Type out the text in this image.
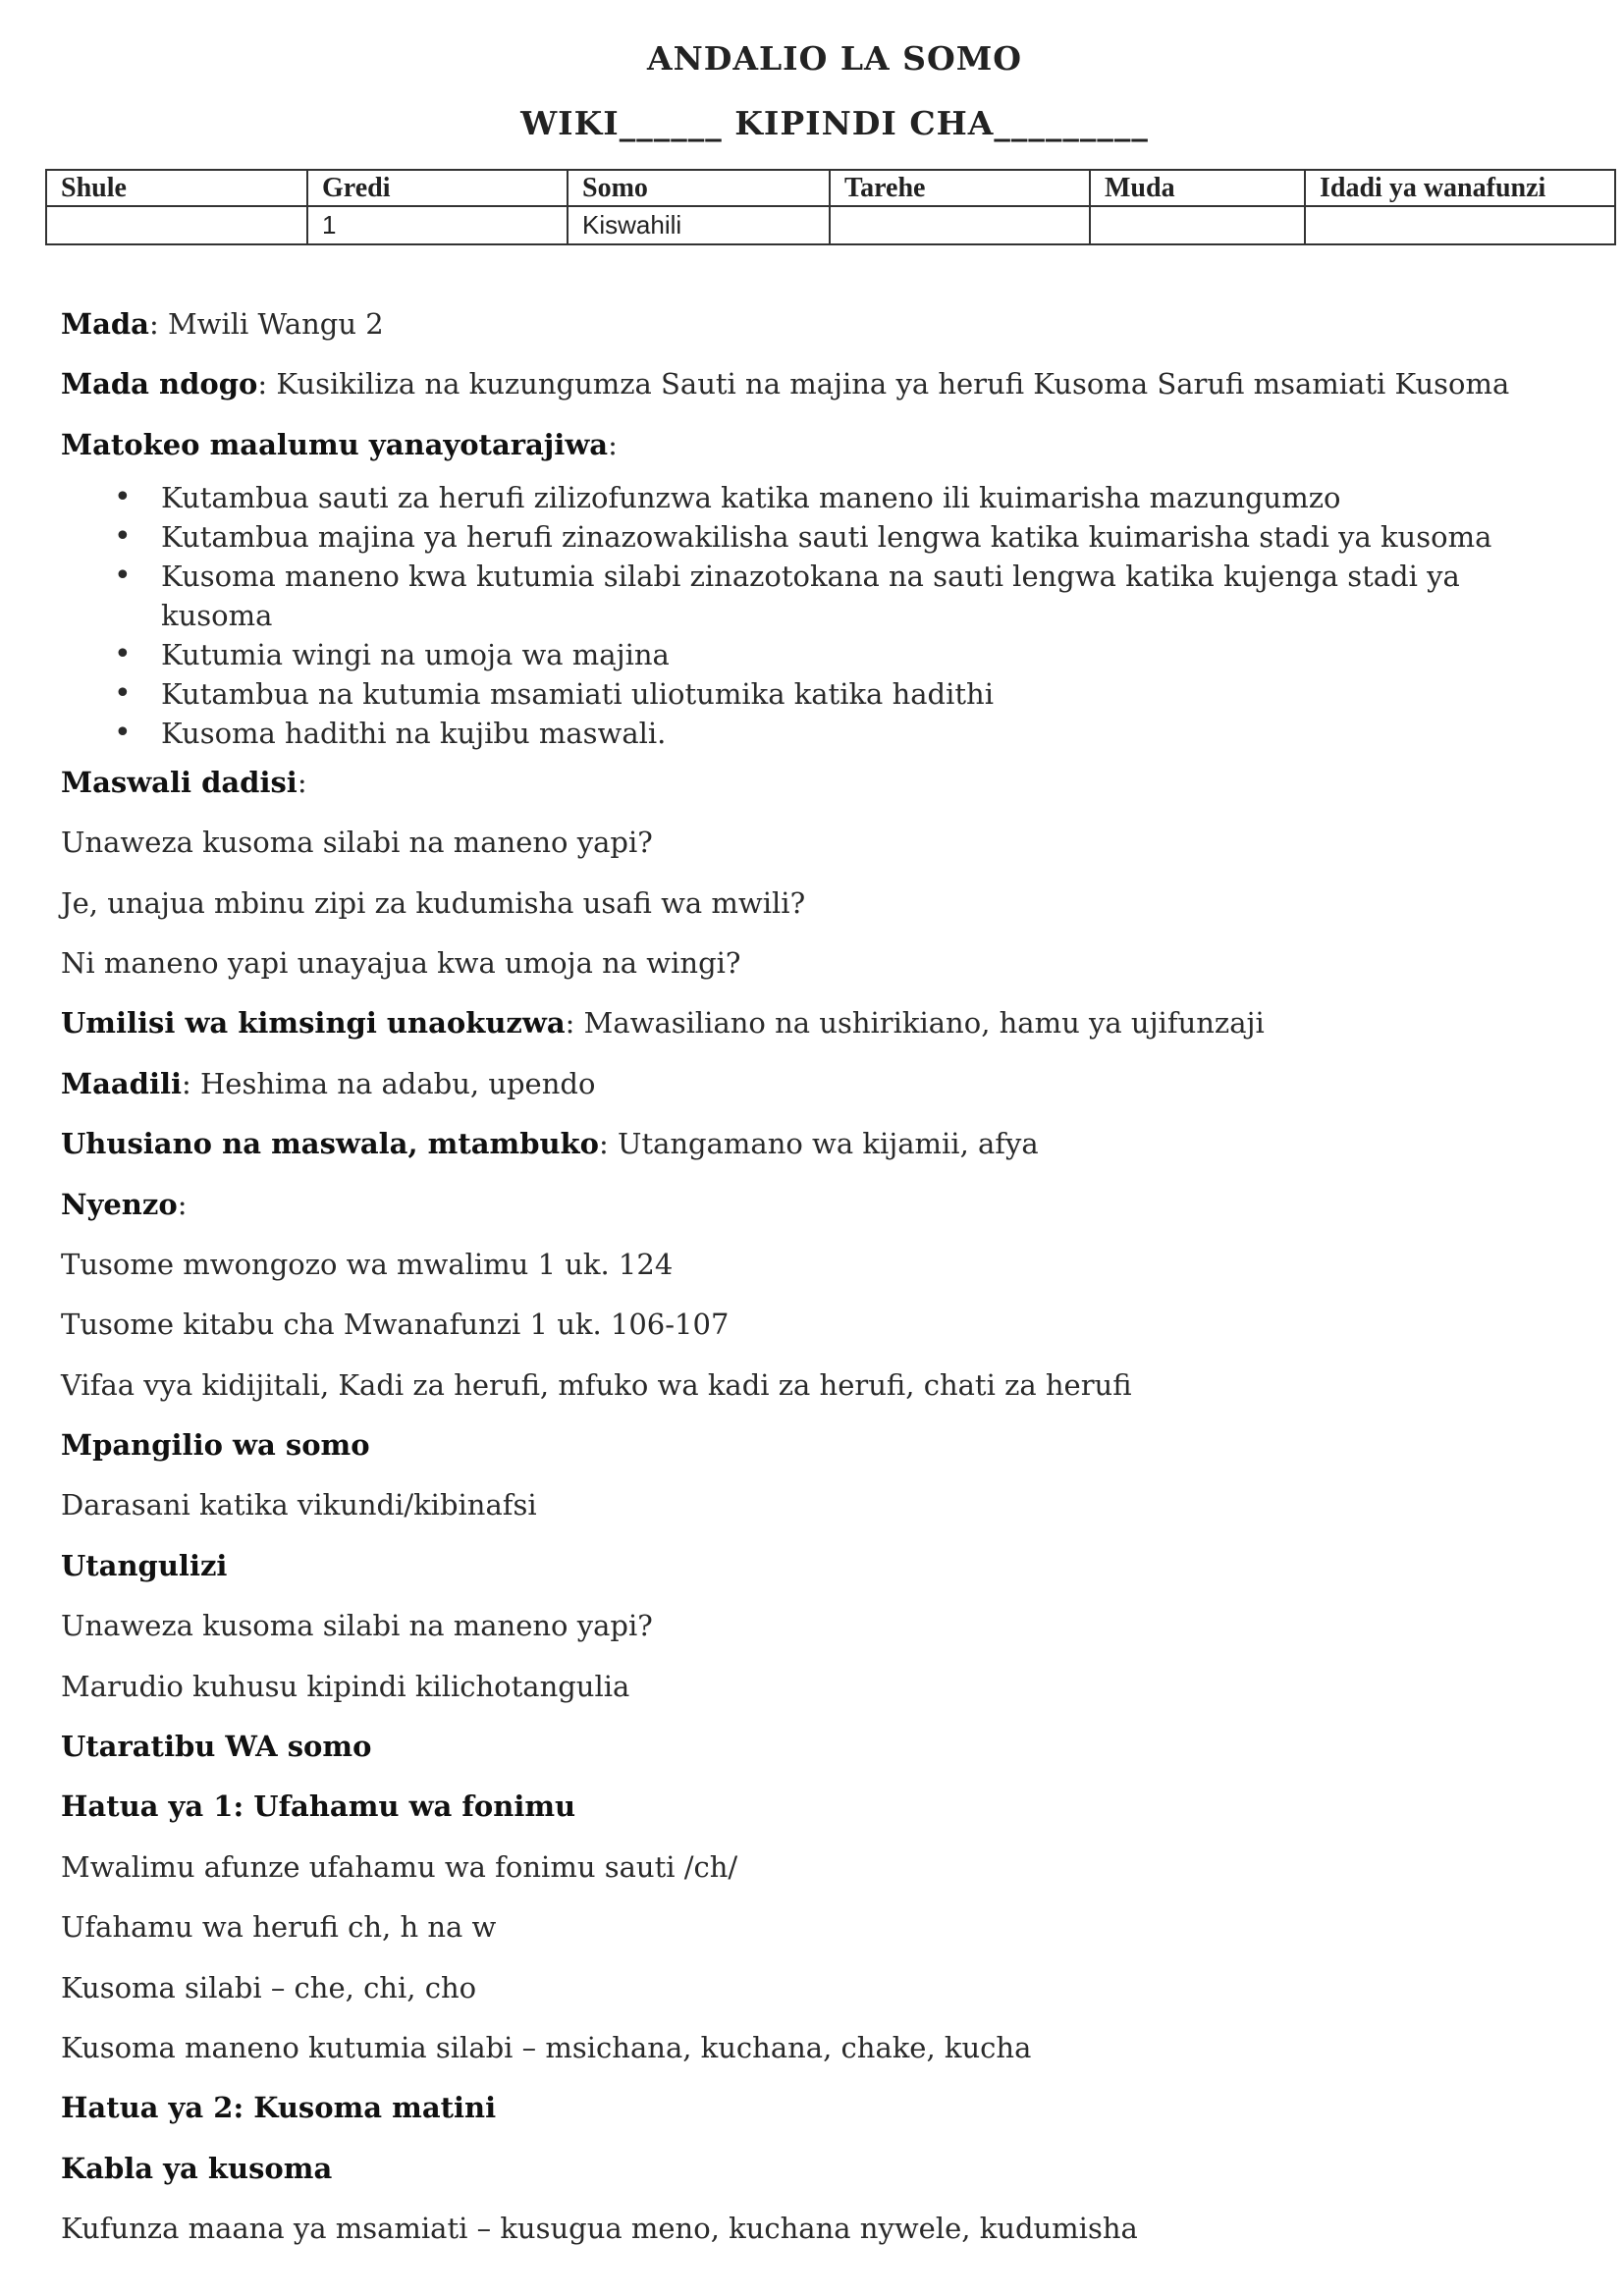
ANDALIO LA SOMO
WIKI______ KIPINDI CHA_________
Shule	Gredi	Somo	Tarehe	Muda	Idadi ya wanafunzi
	1	Kiswahili			

Mada: Mwili Wangu 2

Mada ndogo: Kusikiliza na kuzungumza Sauti na majina ya herufi Kusoma Sarufi msamiati Kusoma

Matokeo maalumu yanayotarajiwa:

• Kutambua sauti za herufi zilizofunzwa katika maneno ili kuimarisha mazungumzo
• Kutambua majina ya herufi zinazowakilisha sauti lengwa katika kuimarisha stadi ya kusoma
• Kusoma maneno kwa kutumia silabi zinazotokana na sauti lengwa katika kujenga stadi ya kusoma
• Kutumia wingi na umoja wa majina
• Kutambua na kutumia msamiati uliotumika katika hadithi
• Kusoma hadithi na kujibu maswali.

Maswali dadisi:

Unaweza kusoma silabi na maneno yapi?

Je, unajua mbinu zipi za kudumisha usafi wa mwili?

Ni maneno yapi unayajua kwa umoja na wingi?

Umilisi wa kimsingi unaokuzwa: Mawasiliano na ushirikiano, hamu ya ujifunzaji

Maadili: Heshima na adabu, upendo

Uhusiano na maswala, mtambuko: Utangamano wa kijamii, afya

Nyenzo:

Tusome mwongozo wa mwalimu 1 uk. 124

Tusome kitabu cha Mwanafunzi 1 uk. 106-107

Vifaa vya kidijitali, Kadi za herufi, mfuko wa kadi za herufi, chati za herufi

Mpangilio wa somo

Darasani katika vikundi/kibinafsi

Utangulizi

Unaweza kusoma silabi na maneno yapi?

Marudio kuhusu kipindi kilichotangulia

Utaratibu WA somo

Hatua ya 1: Ufahamu wa fonimu

Mwalimu afunze ufahamu wa fonimu sauti /ch/

Ufahamu wa herufi ch, h na w

Kusoma silabi – che, chi, cho

Kusoma maneno kutumia silabi – msichana, kuchana, chake, kucha

Hatua ya 2: Kusoma matini

Kabla ya kusoma

Kufunza maana ya msamiati – kusugua meno, kuchana nywele, kudumisha
